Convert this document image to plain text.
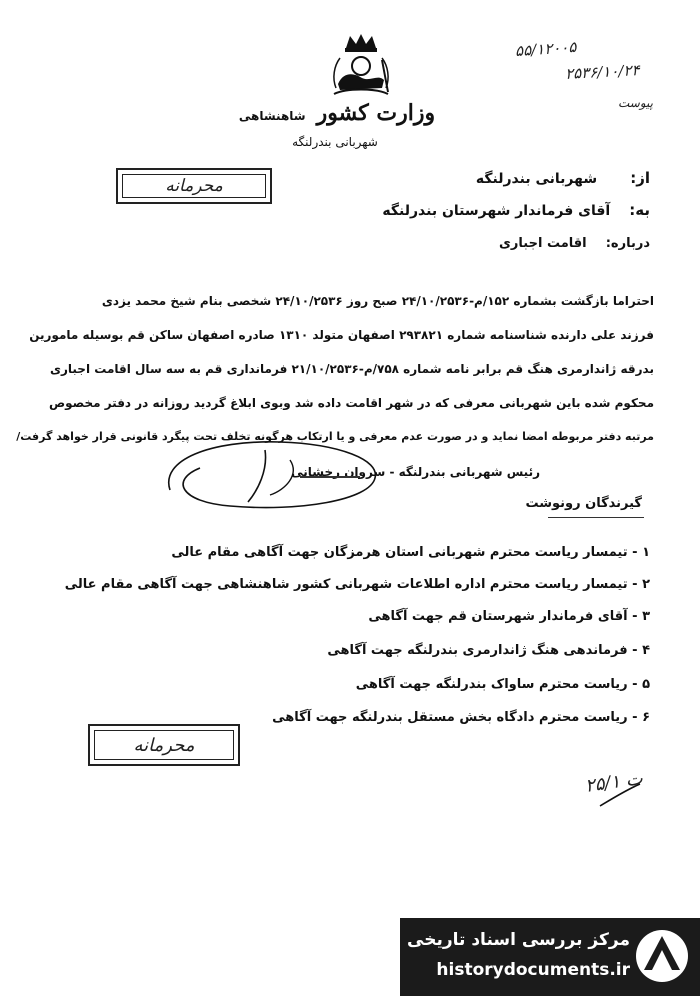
وزارت کشور شاهنشاهی
شهربانی بندرلنگه
۵۵/۱۲۰۰۵
۲۵۳۶/۱۰/۲۴
پیوست
محرمانه	از: شهربانی بندرلنگه
به: آقای فرماندار شهرستان بندرلنگه
درباره: اقامت اجباری
احتراما بازگشت بشماره ۱۵۲/م-۲۴/۱۰/۲۵۳۶ صبح روز ۲۴/۱۰/۲۵۳۶ شخصی بنام شیخ محمد یزدی
فرزند علی دارنده شناسنامه شماره ۲۹۳۸۲۱ اصفهان متولد ۱۳۱۰ صادره اصفهان ساکن قم بوسیله مامورین
بدرقه ژاندارمری هنگ قم برابر نامه شماره ۷۵۸/م-۲۱/۱۰/۲۵۳۶ فرمانداری قم به سه سال اقامت اجباری
محکوم شده باین شهربانی معرفی که در شهر اقامت داده شد وبوی ابلاغ گردید روزانه در دفتر مخصوص
مرتبه دفتر مربوطه امضا نماید و در صورت عدم معرفی و یا ارتکاب هرگونه تخلف تحت پیگرد قانونی قرار خواهد گرفت/
رئیس شهربانی بندرلنگه - سروان رخشانی
گیرندگان رونوشت
۱ - تیمسار ریاست محترم شهربانی استان هرمزگان جهت آگاهی مقام عالی
۲ - تیمسار ریاست محترم اداره اطلاعات شهربانی کشور شاهنشاهی جهت آگاهی مقام عالی
۳ - آقای فرماندار شهرستان قم جهت آگاهی
۴ - فرماندهی هنگ ژاندارمری بندرلنگه جهت آگاهی
۵ - ریاست محترم ساواک بندرلنگه جهت آگاهی
۶ - ریاست محترم دادگاه بخش مستقل بندرلنگه جهت آگاهی
محرمانه
ت ۲۵/۱
مرکز بررسی اسناد تاریخی
historydocuments.ir
